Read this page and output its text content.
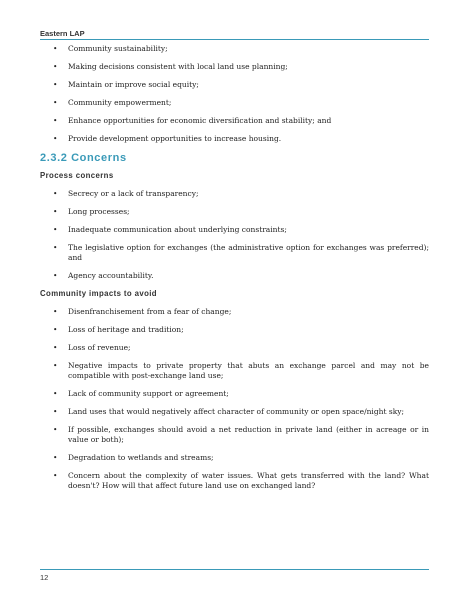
Eastern LAP
• Community sustainability;
• Making decisions consistent with local land use planning;
• Maintain or improve social equity;
• Community empowerment;
• Enhance opportunities for economic diversification and stability; and
• Provide development opportunities to increase housing.
2.3.2 Concerns
Process concerns
• Secrecy or a lack of transparency;
• Long processes;
• Inadequate communication about underlying constraints;
• The legislative option for exchanges (the administrative option for exchanges was preferred); and
• Agency accountability.
Community impacts to avoid
• Disenfranchisement from a fear of change;
• Loss of heritage and tradition;
• Loss of revenue;
• Negative impacts to private property that abuts an exchange parcel and may not be compatible with post-exchange land use;
• Lack of community support or agreement;
• Land uses that would negatively affect character of community or open space/night sky;
• If possible, exchanges should avoid a net reduction in private land (either in acreage or in value or both);
• Degradation to wetlands and streams;
• Concern about the complexity of water issues. What gets transferred with the land? What doesn't? How will that affect future land use on exchanged land?
12
